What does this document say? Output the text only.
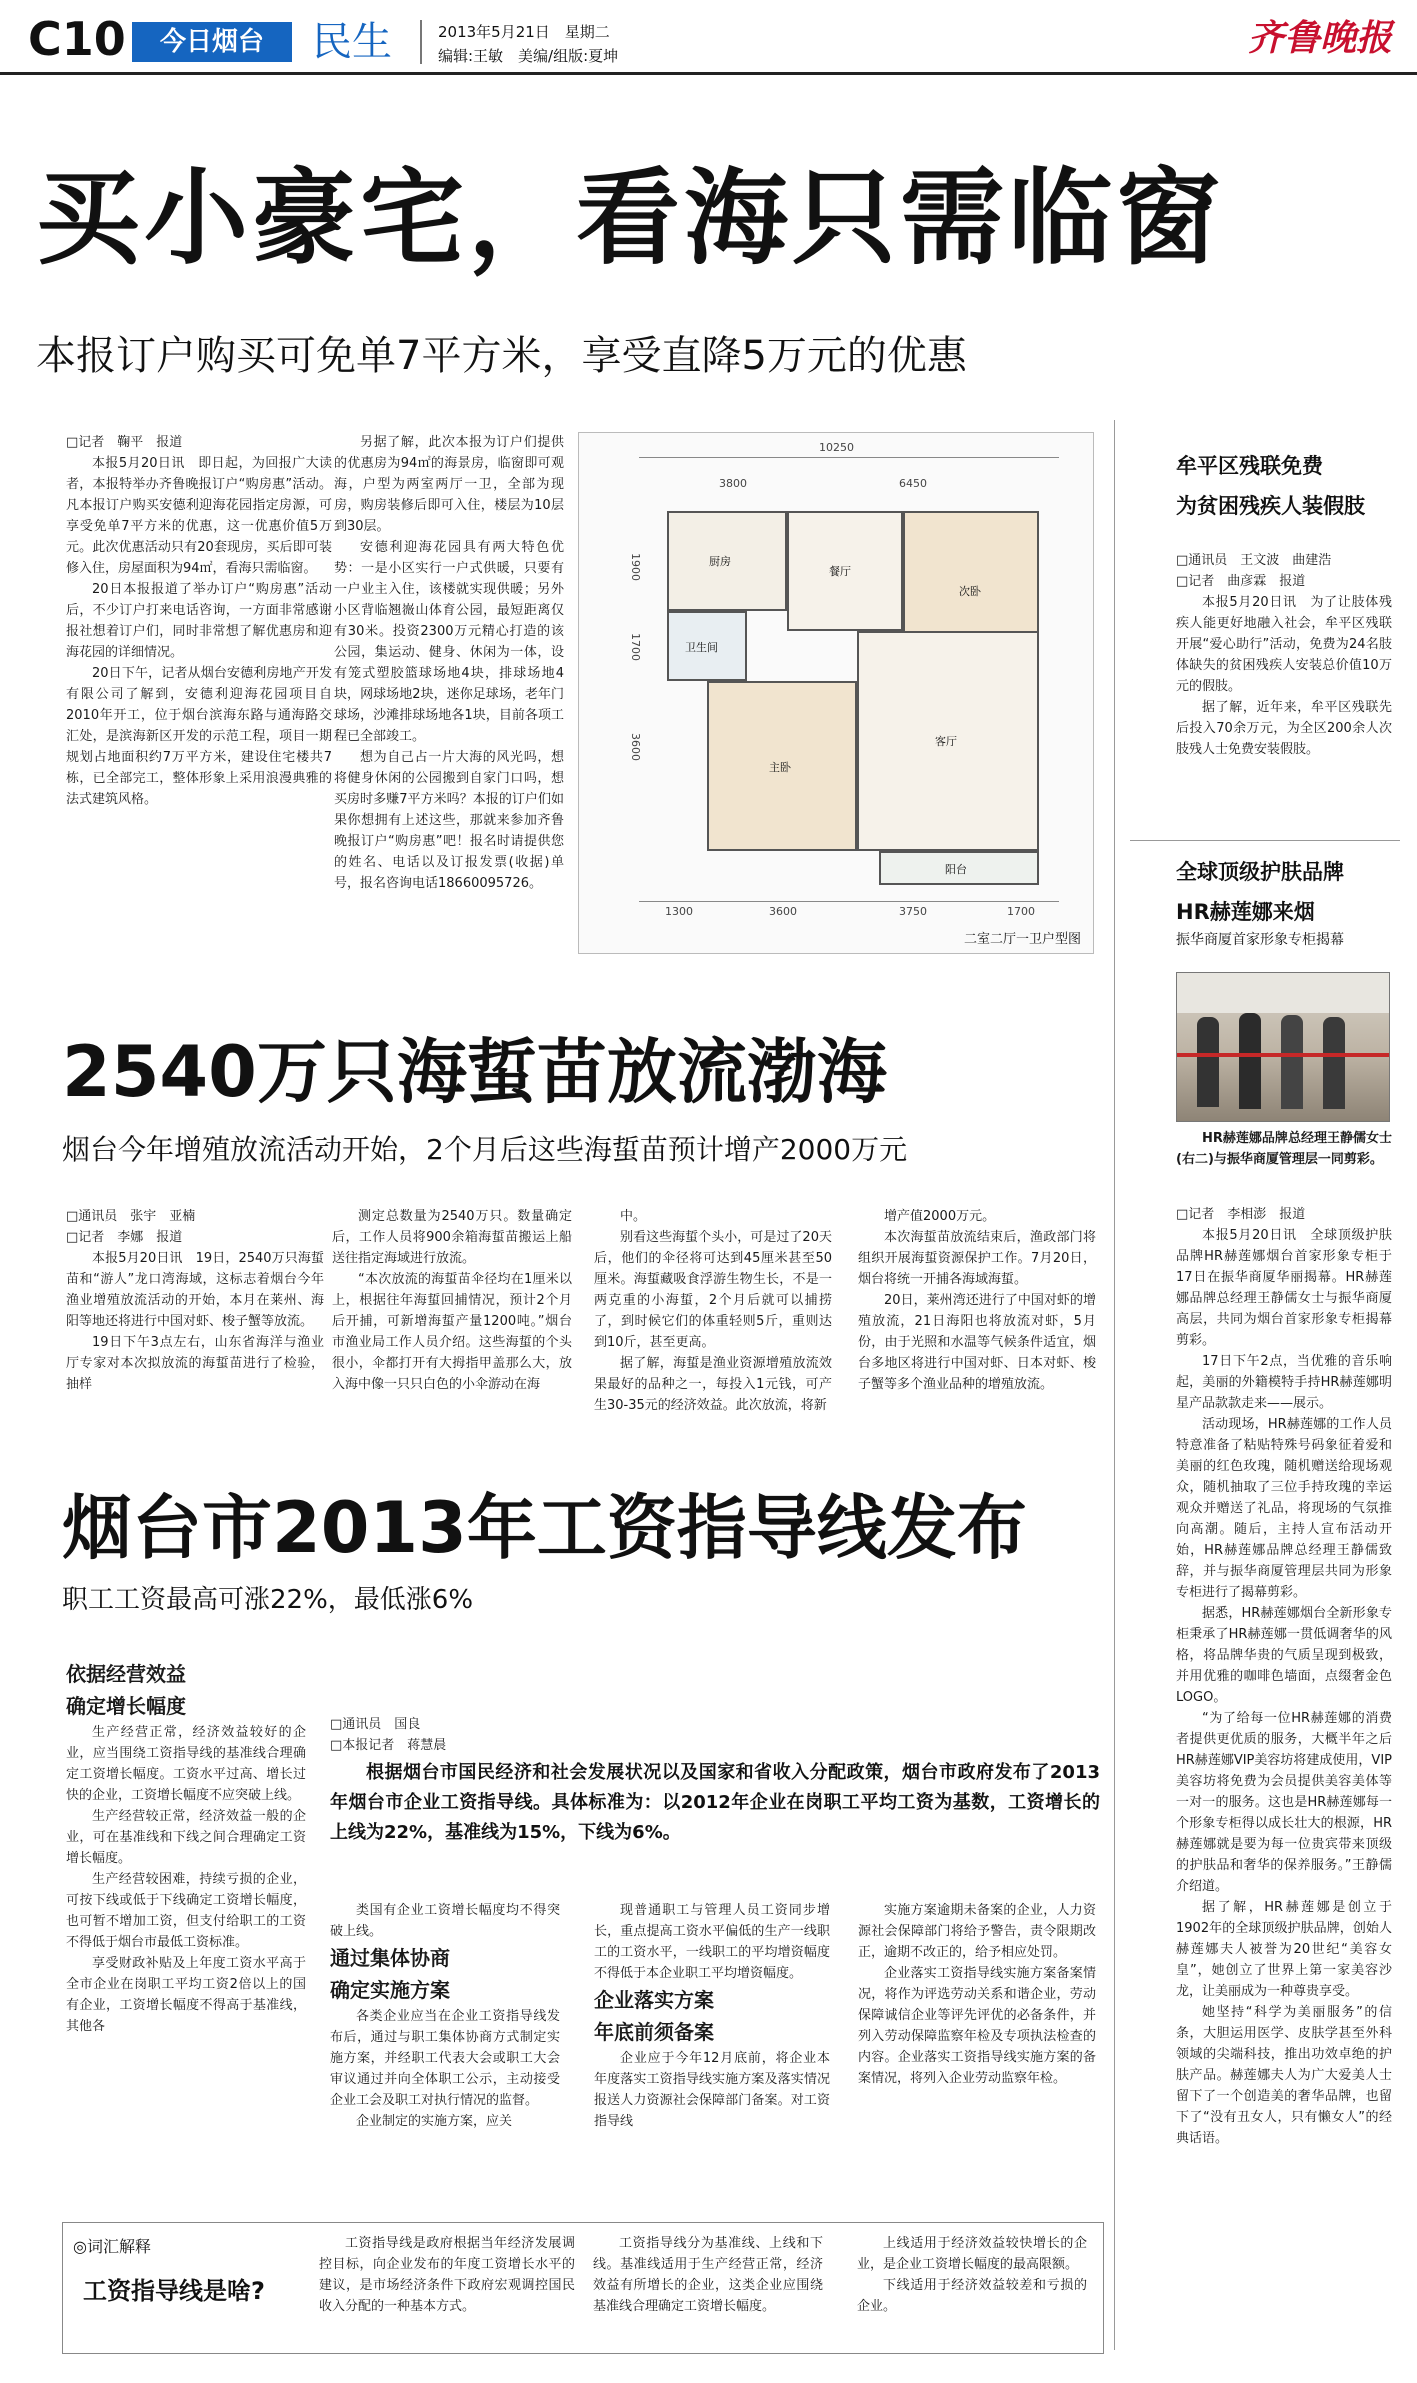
C10	今日烟台	民生	2013年5月21日　星期二
编辑:王敏　美编/组版:夏坤	齐鲁晚报
买小豪宅，看海只需临窗
本报订户购买可免单7平方米，享受直降5万元的优惠

□记者　鞠平　报道

本报5月20日讯　即日起，为回报广大读者，本报特举办齐鲁晚报订户“购房惠”活动。凡本报订户购买安德利迎海花园指定房源，可享受免单7平方米的优惠，这一优惠价值5万元。此次优惠活动只有20套现房，买后即可装修入住，房屋面积为94㎡，看海只需临窗。

20日本报报道了举办订户“购房惠”活动后，不少订户打来电话咨询，一方面非常感谢报社想着订户们，同时非常想了解优惠房和迎海花园的详细情况。

20日下午，记者从烟台安德利房地产开发有限公司了解到，安德利迎海花园项目自2010年开工，位于烟台滨海东路与通海路交汇处，是滨海新区开发的示范工程，项目一期规划占地面积约7万平方米，建设住宅楼共7栋，已全部完工，整体形象上采用浪漫典雅的法式建筑风格。

另据了解，此次本报为订户们提供的优惠房为94㎡的海景房，临窗即可观海，户型为两室两厅一卫，全部为现房，购房装修后即可入住，楼层为10层到30层。

安德利迎海花园具有两大特色优势：一是小区实行一户式供暖，只要有一户业主入住，该楼就实现供暖；另外小区背临翘嶶山体育公园，最短距离仅有30米。投资2300万元精心打造的该公园，集运动、健身、休闲为一体，设有笼式塑胶篮球场地4块，排球场地4块，网球场地2块，迷你足球场，老年门球场，沙滩排球场地各1块，目前各项工程已全部竣工。

想为自己占一片大海的风光吗，想将健身休闲的公园搬到自家门口吗，想买房时多赚7平方米吗？本报的订户们如果你想拥有上述这些，那就来参加齐鲁晚报订户“购房惠”吧！报名时请提供您的姓名、电话以及订报发票(收据)单号，报名咨询电话18660095726。

10250
3800	6450
1900
1700
3600
厨房
卫生间
餐厅
次卧
主卧
客厅
阳台
1300	3600	3750	1700
二室二厅一卫户型图
2540万只海蜇苗放流渤海
烟台今年增殖放流活动开始，2个月后这些海蜇苗预计增产2000万元

□通讯员　张宇　亚楠

□记者　李娜　报道

本报5月20日讯　19日，2540万只海蜇苗和“游人”龙口湾海域，这标志着烟台今年渔业增殖放流活动的开始，本月在莱州、海阳等地还将进行中国对虾、梭子蟹等放流。

19日下午3点左右，山东省海洋与渔业厅专家对本次拟放流的海蜇苗进行了检验，抽样

测定总数量为2540万只。数量确定后，工作人员将900余箱海蜇苗搬运上船送往指定海域进行放流。

“本次放流的海蜇苗伞径均在1厘米以上，根据往年海蜇回捕情况，预计2个月后开捕，可新增海蜇产量1200吨。”烟台市渔业局工作人员介绍。这些海蜇的个头很小，伞都打开有大拇指甲盖那么大，放入海中像一只只白色的小伞游动在海

中。

别看这些海蜇个头小，可是过了20天后，他们的伞径将可达到45厘米甚至50厘米。海蜇藏吸食浮游生物生长，不是一两克重的小海蜇，2个月后就可以捕捞了，到时候它们的体重轻则5斤，重则达到10斤，甚至更高。

据了解，海蜇是渔业资源增殖放流效果最好的品种之一，每投入1元钱，可产生30-35元的经济效益。此次放流，将新

增产值2000万元。

本次海蜇苗放流结束后，渔政部门将组织开展海蜇资源保护工作。7月20日，烟台将统一开捕各海域海蜇。

20日，莱州湾还进行了中国对虾的增殖放流，21日海阳也将放流对虾，5月份，由于光照和水温等气候条件适宜，烟台多地区将进行中国对虾、日本对虾、梭子蟹等多个渔业品种的增殖放流。

烟台市2013年工资指导线发布
职工工资最高可涨22%，最低涨6%

依据经营效益
确定增长幅度

生产经营正常，经济效益较好的企业，应当围绕工资指导线的基准线合理确定工资增长幅度。工资水平过高、增长过快的企业，工资增长幅度不应突破上线。

生产经营较正常，经济效益一般的企业，可在基准线和下线之间合理确定工资增长幅度。

生产经营较困难，持续亏损的企业，可按下线或低于下线确定工资增长幅度，也可暂不增加工资，但支付给职工的工资不得低于烟台市最低工资标准。

享受财政补贴及上年度工资水平高于全市企业在岗职工平均工资2倍以上的国有企业，工资增长幅度不得高于基准线，其他各

□通讯员　国良

□本报记者　蒋慧晨

根据烟台市国民经济和社会发展状况以及国家和省收入分配政策，烟台市政府发布了2013年烟台市企业工资指导线。具体标准为：以2012年企业在岗职工平均工资为基数，工资增长的上线为22%，基准线为15%，下线为6%。

类国有企业工资增长幅度均不得突破上线。

通过集体协商
确定实施方案

各类企业应当在企业工资指导线发布后，通过与职工集体协商方式制定实施方案，并经职工代表大会或职工大会审议通过并向全体职工公示，主动接受企业工会及职工对执行情况的监督。

企业制定的实施方案，应关

现普通职工与管理人员工资同步增长，重点提高工资水平偏低的生产一线职工的工资水平，一线职工的平均增资幅度不得低于本企业职工平均增资幅度。

企业落实方案
年底前须备案

企业应于今年12月底前，将企业本年度落实工资指导线实施方案及落实情况报送人力资源社会保障部门备案。对工资指导线

实施方案逾期未备案的企业，人力资源社会保障部门将给予警告，责令限期改正，逾期不改正的，给予相应处罚。

企业落实工资指导线实施方案备案情况，将作为评选劳动关系和谐企业，劳动保障诚信企业等评先评优的必备条件，并列入劳动保障监察年检及专项执法检查的内容。企业落实工资指导线实施方案的备案情况，将列入企业劳动监察年检。

◎词汇解释
工资指导线是啥?

工资指导线是政府根据当年经济发展调控目标，向企业发布的年度工资增长水平的建议，是市场经济条件下政府宏观调控国民收入分配的一种基本方式。

工资指导线分为基准线、上线和下线。基准线适用于生产经营正常，经济效益有所增长的企业，这类企业应围绕基准线合理确定工资增长幅度。

上线适用于经济效益较快增长的企业，是企业工资增长幅度的最高限额。

下线适用于经济效益较差和亏损的企业。

牟平区残联免费
为贫困残疾人装假肢

□通讯员　王文波　曲建浩

□记者　曲彦霖　报道

本报5月20日讯　为了让肢体残疾人能更好地融入社会，牟平区残联开展“爱心助行”活动，免费为24名肢体缺失的贫困残疾人安装总价值10万元的假肢。

据了解，近年来，牟平区残联先后投入70余万元，为全区200余人次肢残人士免费安装假肢。

全球顶级护肤品牌
HR赫莲娜来烟
振华商厦首家形象专柜揭幕

HR赫莲娜品牌总经理王静儒女士(右二)与振华商厦管理层一同剪彩。

□记者　李相澎　报道

本报5月20日讯　全球顶级护肤品牌HR赫莲娜烟台首家形象专柜于17日在振华商厦华丽揭幕。HR赫莲娜品牌总经理王静儒女士与振华商厦高层，共同为烟台首家形象专柜揭幕剪彩。

17日下午2点，当优雅的音乐响起，美丽的外籍模特手持HR赫莲娜明星产品款款走来——展示。

活动现场，HR赫莲娜的工作人员特意准备了粘贴特殊号码象征着爱和美丽的红色玫瑰，随机赠送给现场观众，随机抽取了三位手持玫瑰的幸运观众并赠送了礼品，将现场的气氛推向高潮。随后，主持人宣布活动开始，HR赫莲娜品牌总经理王静儒致辞，并与振华商厦管理层共同为形象专柜进行了揭幕剪彩。

据悉，HR赫莲娜烟台全新形象专柜秉承了HR赫莲娜一贯低调奢华的风格，将品牌华贵的气质呈现到极致，并用优雅的咖啡色墙面，点缀奢金色LOGO。

“为了给每一位HR赫莲娜的消费者提供更优质的服务，大概半年之后HR赫莲娜VIP美容坊将建成使用，VIP美容坊将免费为会员提供美容美体等一对一的服务。这也是HR赫莲娜每一个形象专柜得以成长壮大的根源，HR赫莲娜就是要为每一位贵宾带来顶级的护肤品和奢华的保养服务。”王静儒介绍道。

据了解，HR赫莲娜是创立于1902年的全球顶级护肤品牌，创始人赫莲娜夫人被誉为20世纪“美容女皇”，她创立了世界上第一家美容沙龙，让美丽成为一种尊贵享受。

她坚持“科学为美丽服务”的信条，大胆运用医学、皮肤学甚至外科领域的尖端科技，推出功效卓绝的护肤产品。赫莲娜夫人为广大爱美人士留下了一个创造美的奢华品牌，也留下了“没有丑女人，只有懒女人”的经典话语。
